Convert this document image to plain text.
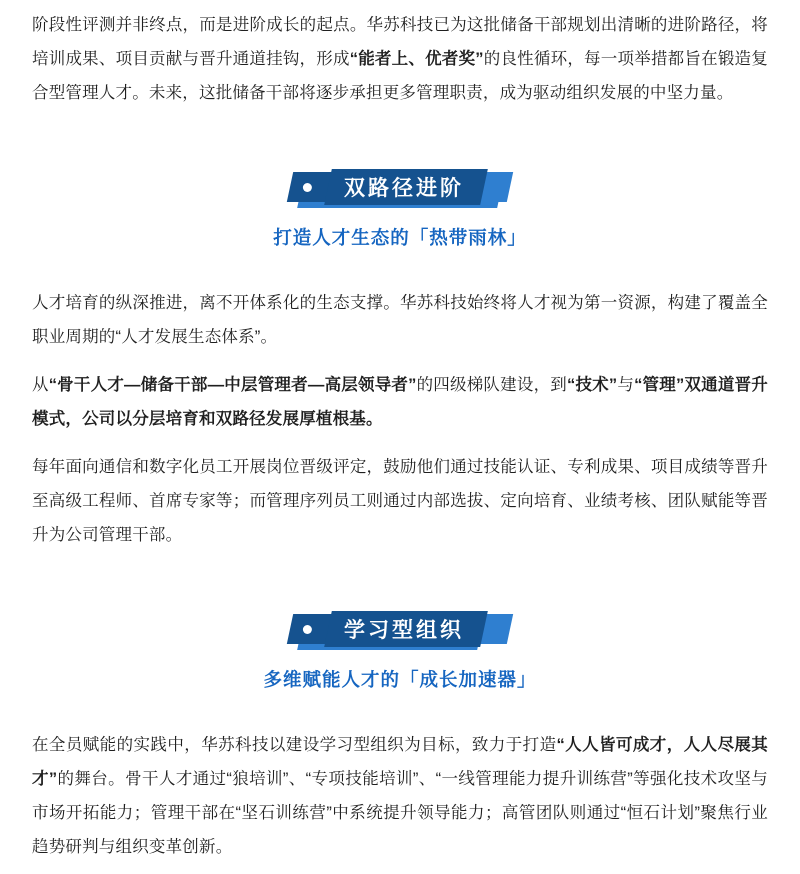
阶段性评测并非终点，而是进阶成长的起点。华苏科技已为这批储备干部规划出清晰的进阶路径，将培训成果、项目贡献与晋升通道挂钩，形成“能者上、优者奖”的良性循环，每一项举措都旨在锻造复合型管理人才。未来，这批储备干部将逐步承担更多管理职责，成为驱动组织发展的中坚力量。

双路径进阶
打造人才生态的「热带雨林」

人才培育的纵深推进，离不开体系化的生态支撑。华苏科技始终将人才视为第一资源，构建了覆盖全职业周期的“人才发展生态体系”。

从“骨干人才—储备干部—中层管理者—高层领导者”的四级梯队建设，到“技术”与“管理”双通道晋升模式，公司以分层培育和双路径发展厚植根基。

每年面向通信和数字化员工开展岗位晋级评定，鼓励他们通过技能认证、专利成果、项目成绩等晋升至高级工程师、首席专家等；而管理序列员工则通过内部选拔、定向培育、业绩考核、团队赋能等晋升为公司管理干部。

学习型组织
多维赋能人才的「成长加速器」

在全员赋能的实践中，华苏科技以建设学习型组织为目标，致力于打造“人人皆可成才，人人尽展其才”的舞台。骨干人才通过“狼培训”、“专项技能培训”、“一线管理能力提升训练营”等强化技术攻坚与市场开拓能力；管理干部在“坚石训练营”中系统提升领导能力；高管团队则通过“恒石计划”聚焦行业趋势研判与组织变革创新。
